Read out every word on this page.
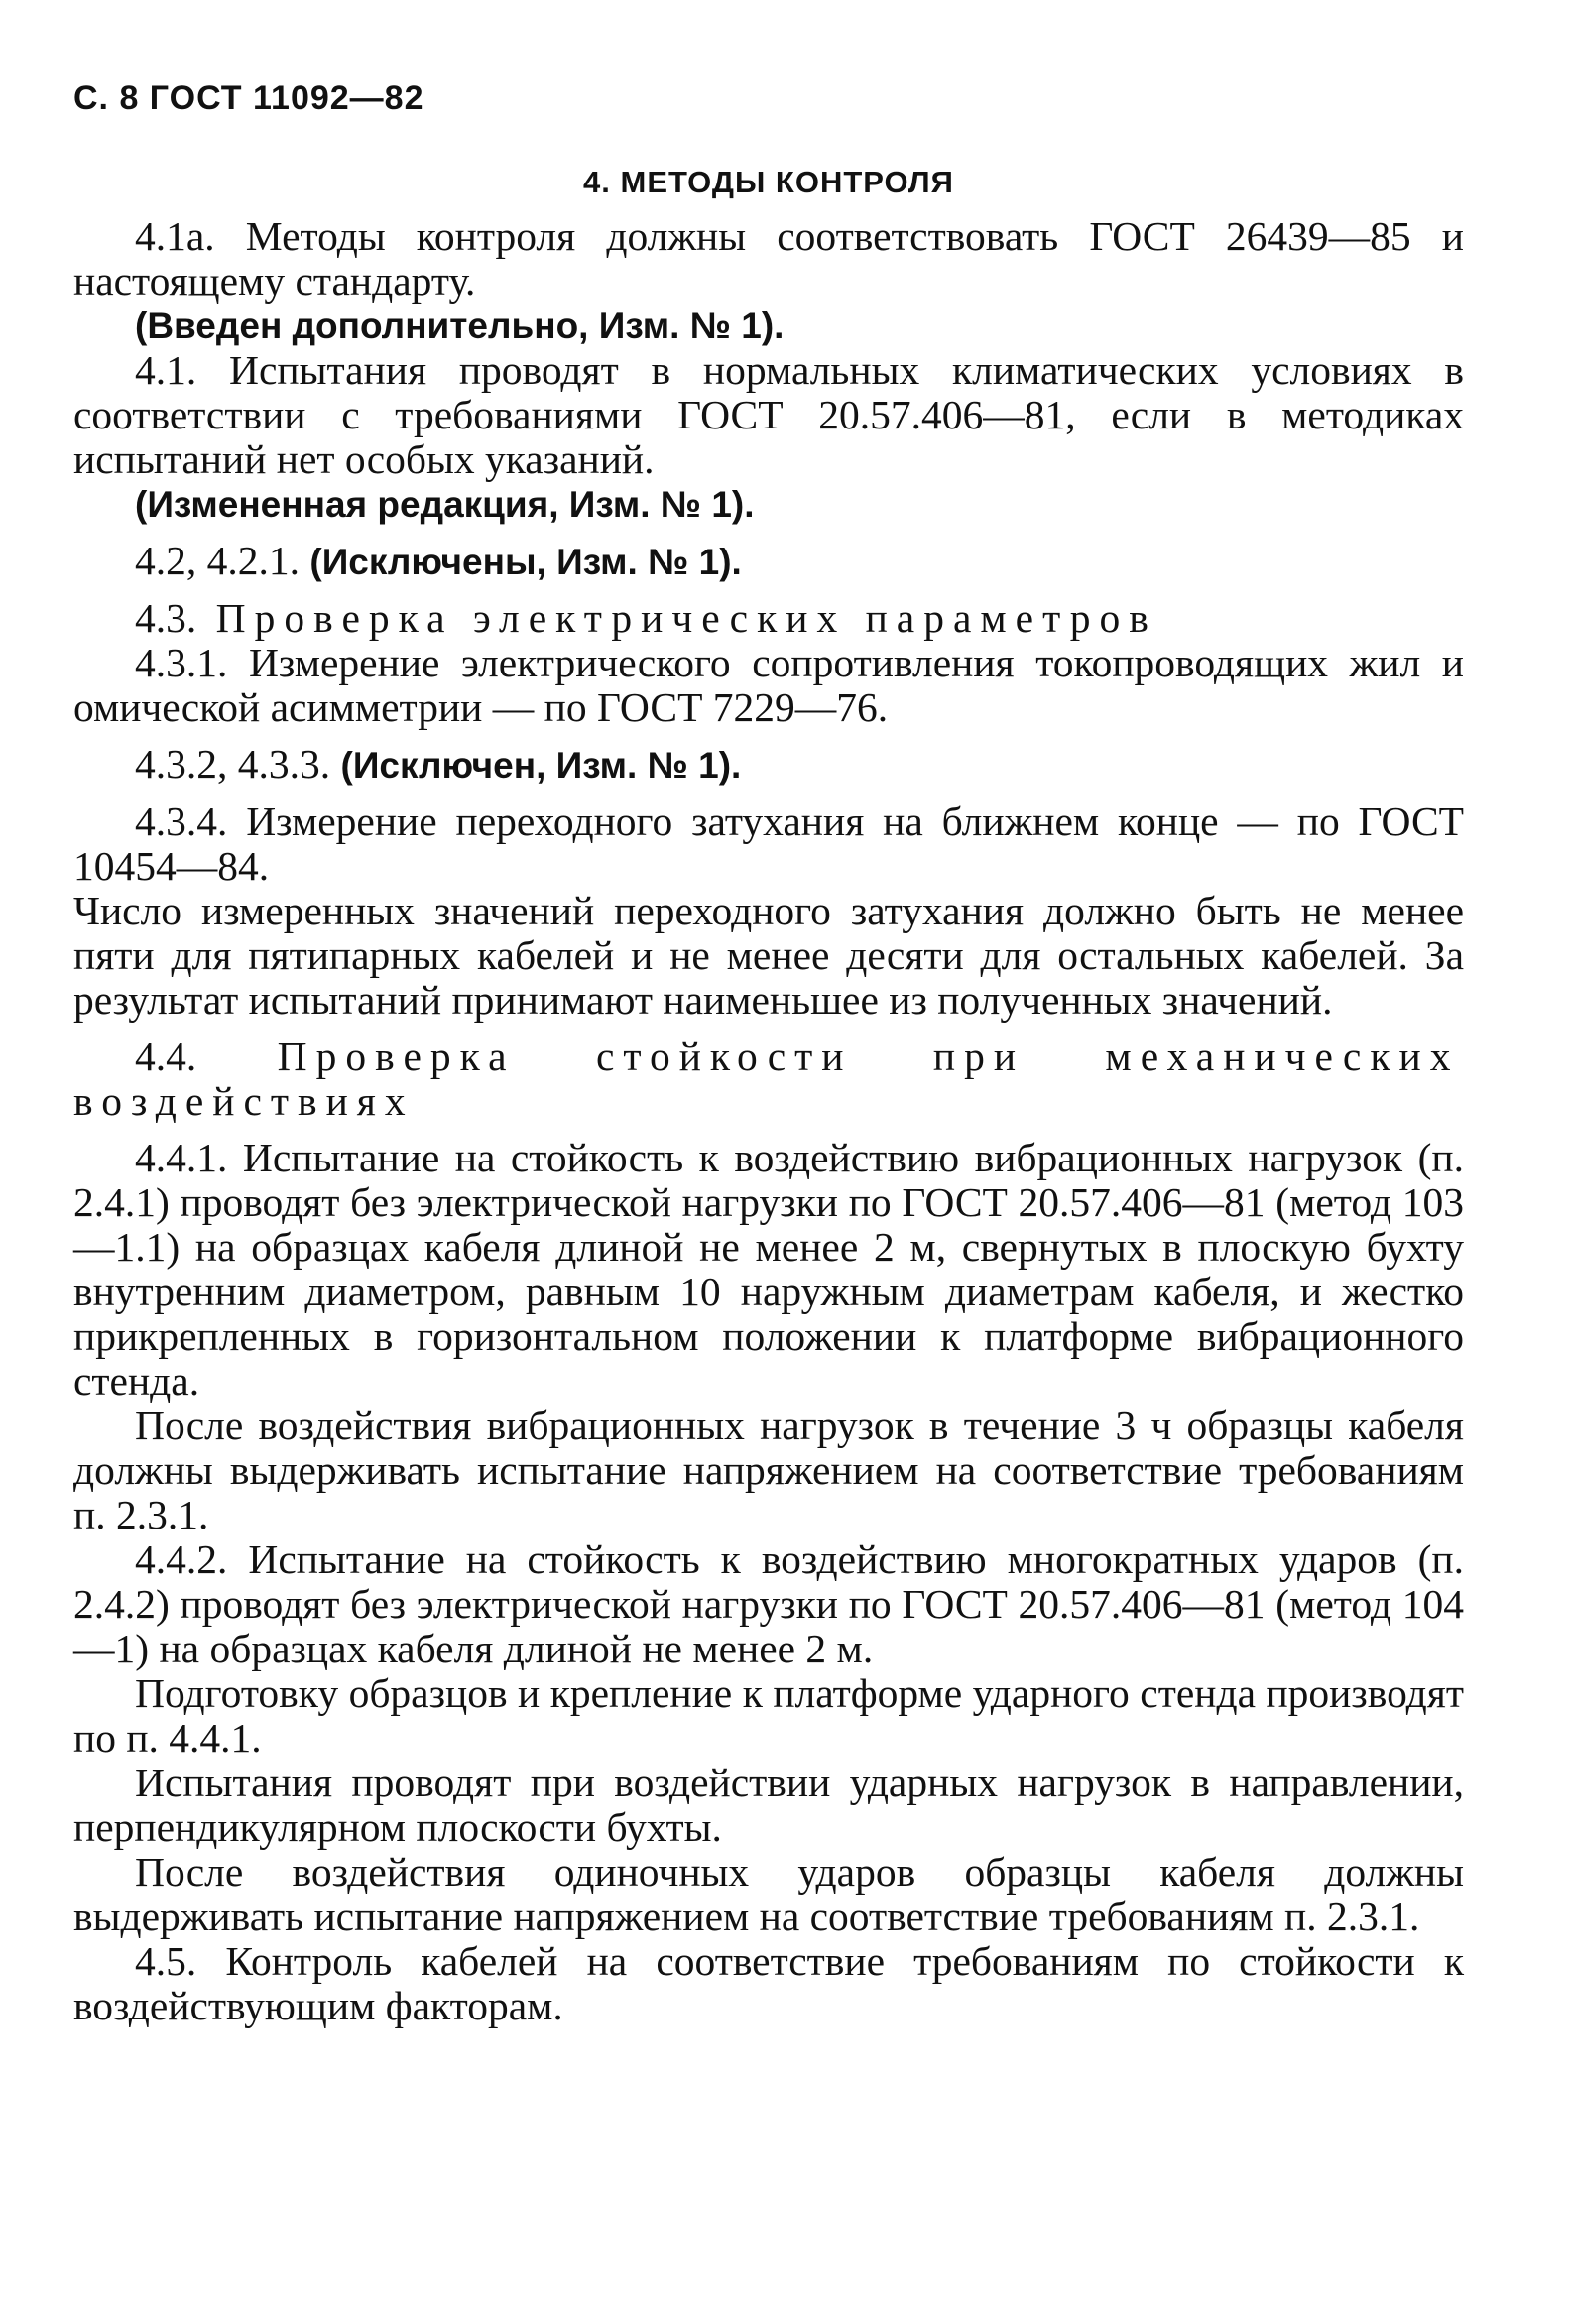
С. 8 ГОСТ 11092—82
4. МЕТОДЫ КОНТРОЛЯ

4.1а. Методы контроля должны соответствовать ГОСТ 26439—85 и настоящему стандарту.

(Введен дополнительно, Изм. № 1).

4.1. Испытания проводят в нормальных климатических условиях в соответствии с требованиями ГОСТ 20.57.406—81, если в методиках испытаний нет особых указаний.

(Измененная редакция, Изм. № 1).

4.2, 4.2.1. (Исключены, Изм. № 1).

4.3. Проверка электрических параметров

4.3.1. Измерение электрического сопротивления токопроводящих жил и омической асимметрии — по ГОСТ 7229—76.

4.3.2, 4.3.3. (Исключен, Изм. № 1).

4.3.4. Измерение переходного затухания на ближнем конце — по ГОСТ 10454—84.

Число измеренных значений переходного затухания должно быть не менее пяти для пятипарных кабелей и не менее десяти для остальных кабелей. За результат испытаний принимают наименьшее из полученных значений.

4.4. Проверка стойкости при механических воздействиях

4.4.1. Испытание на стойкость к воздействию вибрационных нагрузок (п. 2.4.1) проводят без электрической нагрузки по ГОСТ 20.57.406—81 (метод 103—1.1) на образцах кабеля длиной не менее 2 м, свернутых в плоскую бухту внутренним диаметром, равным 10 наружным диаметрам кабеля, и жестко прикрепленных в горизонтальном положении к платформе вибрационного стенда.

После воздействия вибрационных нагрузок в течение 3 ч образцы кабеля должны выдерживать испытание напряжением на соответствие требованиям п. 2.3.1.

4.4.2. Испытание на стойкость к воздействию многократных ударов (п. 2.4.2) проводят без электрической нагрузки по ГОСТ 20.57.406—81 (метод 104—1) на образцах кабеля длиной не менее 2 м.

Подготовку образцов и крепление к платформе ударного стенда производят по п. 4.4.1.

Испытания проводят при воздействии ударных нагрузок в направлении, перпендикулярном плоскости бухты.

После воздействия одиночных ударов образцы кабеля должны выдерживать испытание напряжением на соответствие требованиям п. 2.3.1.

4.5. Контроль кабелей на соответствие требованиям по стойкости к воздействующим факторам.
